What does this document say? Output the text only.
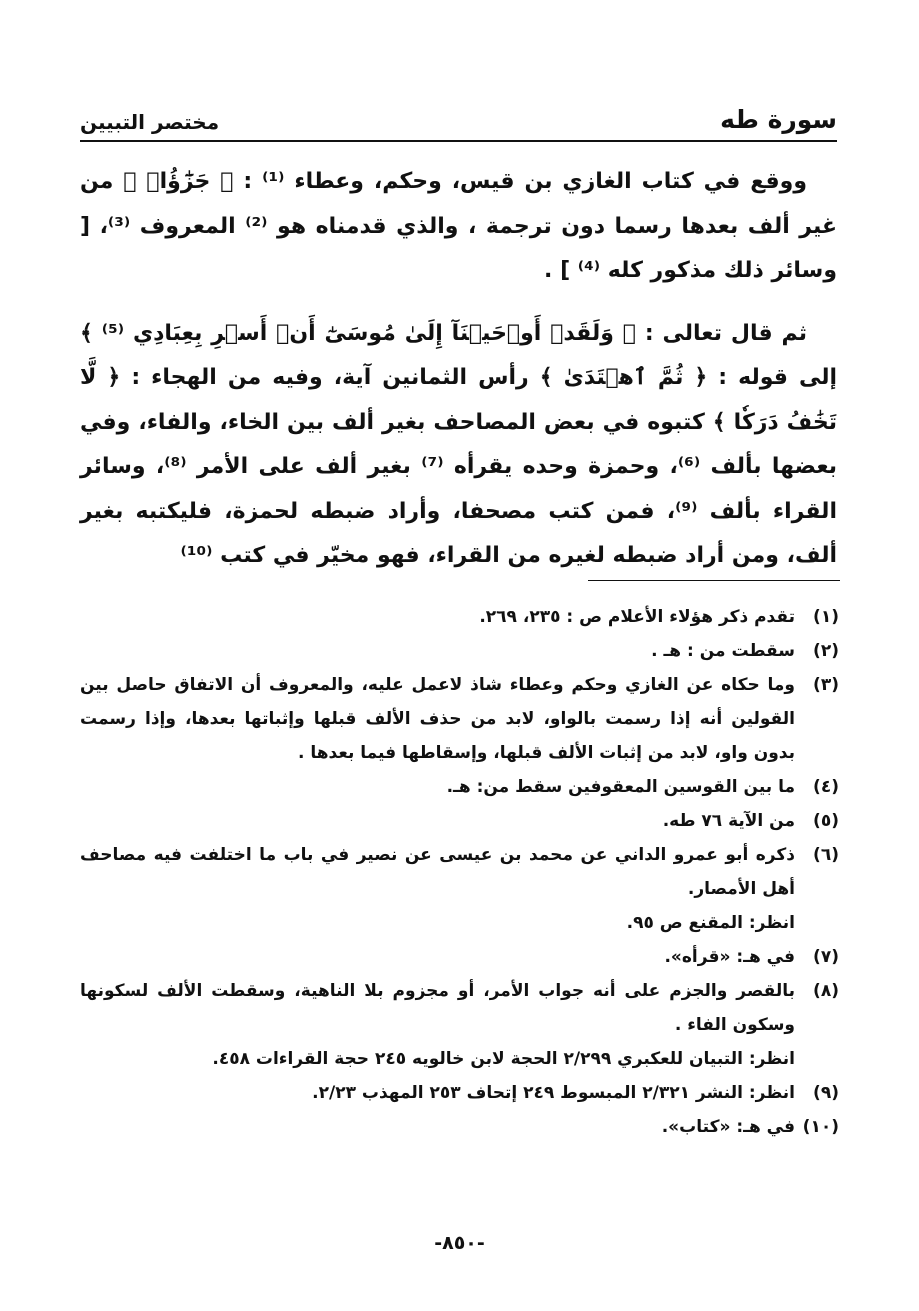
سورة طه
مختصر التبيين

ووقع في كتاب الغازي بن قيس، وحكم، وعطاء ⁽¹⁾ : ﴿ جَزَٰٓؤُا۟ ﴾ من غير ألف بعدها رسما دون ترجمة ، والذي قدمناه هو ⁽²⁾ المعروف ⁽³⁾، [ وسائر ذلك مذكور كله ⁽⁴⁾ ] .

ثم قال تعالى : ﴿ وَلَقَدۡ أَوۡحَيۡنَآ إِلَىٰ مُوسَىٰٓ أَنۡ أَسۡرِ بِعِبَادِي ⁽⁵⁾ ﴾ إلى قوله : ﴿ ثُمَّ ٱهۡتَدَىٰ ﴾ رأس الثمانين آية، وفيه من الهجاء : ﴿ لَّا تَخَٰفُ دَرَكٗا ﴾ كتبوه في بعض المصاحف بغير ألف بين الخاء، والفاء، وفي بعضها بألف ⁽⁶⁾، وحمزة وحده يقرأه ⁽⁷⁾ بغير ألف على الأمر ⁽⁸⁾، وسائر القراء بألف ⁽⁹⁾، فمن كتب مصحفا، وأراد ضبطه لحمزة، فليكتبه بغير ألف، ومن أراد ضبطه لغيره من القراء، فهو مخيّر في كتب ⁽¹⁰⁾

(١)
تقدم ذكر هؤلاء الأعلام ص : ٢٣٥، ٢٦٩.
(٢)
سقطت من : هـ .
(٣)
وما حكاه عن الغازي وحكم وعطاء شاذ لاعمل عليه، والمعروف أن الاتفاق حاصل بين القولين أنه إذا رسمت بالواو، لابد من حذف الألف قبلها وإثباتها بعدها، وإذا رسمت بدون واو، لابد من إثبات الألف قبلها، وإسقاطها فيما بعدها .
(٤)
ما بين القوسين المعقوفين سقط من: هـ.
(٥)
من الآية ٧٦ طه.
(٦)
ذكره أبو عمرو الداني عن محمد بن عيسى عن نصير في باب ما اختلفت فيه مصاحف أهل الأمصار.
انظر: المقنع ص ٩٥.
(٧)
في هـ: «قرأه».
(٨)
بالقصر والجزم على أنه جواب الأمر، أو مجزوم بلا الناهية، وسقطت الألف لسكونها وسكون الفاء .
انظر: التبيان للعكبري ٢/٢٩٩ الحجة لابن خالويه ٢٤٥ حجة القراءات ٤٥٨.
(٩)
انظر: النشر ٢/٣٢١ المبسوط ٢٤٩ إتحاف ٢٥٣ المهذب ٢/٢٣.
(١٠)
في هـ: «كتاب».
-٨٥٠-
